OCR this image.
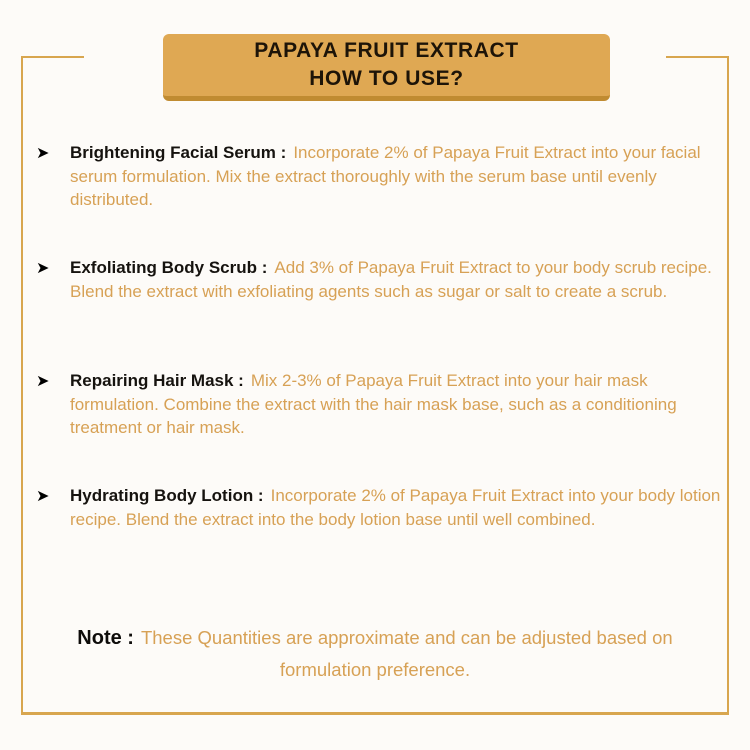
PAPAYA FRUIT EXTRACT
HOW TO USE?
➤	Brightening Facial Serum : Incorporate 2% of Papaya Fruit Extract into your facial serum formulation. Mix the extract thoroughly with the serum base until evenly distributed.
➤	Exfoliating Body Scrub : Add 3% of Papaya Fruit Extract to your body scrub recipe. Blend the extract with exfoliating agents such as sugar or salt to create a scrub.
➤	Repairing Hair Mask : Mix 2-3% of Papaya Fruit Extract into your hair mask formulation. Combine the extract with the hair mask base, such as a conditioning treatment or hair mask.
➤	Hydrating Body Lotion : Incorporate 2% of Papaya Fruit Extract into your body lotion recipe. Blend the extract into the body lotion base until well combined.
Note : These Quantities are approximate and can be adjusted based on formulation preference.
